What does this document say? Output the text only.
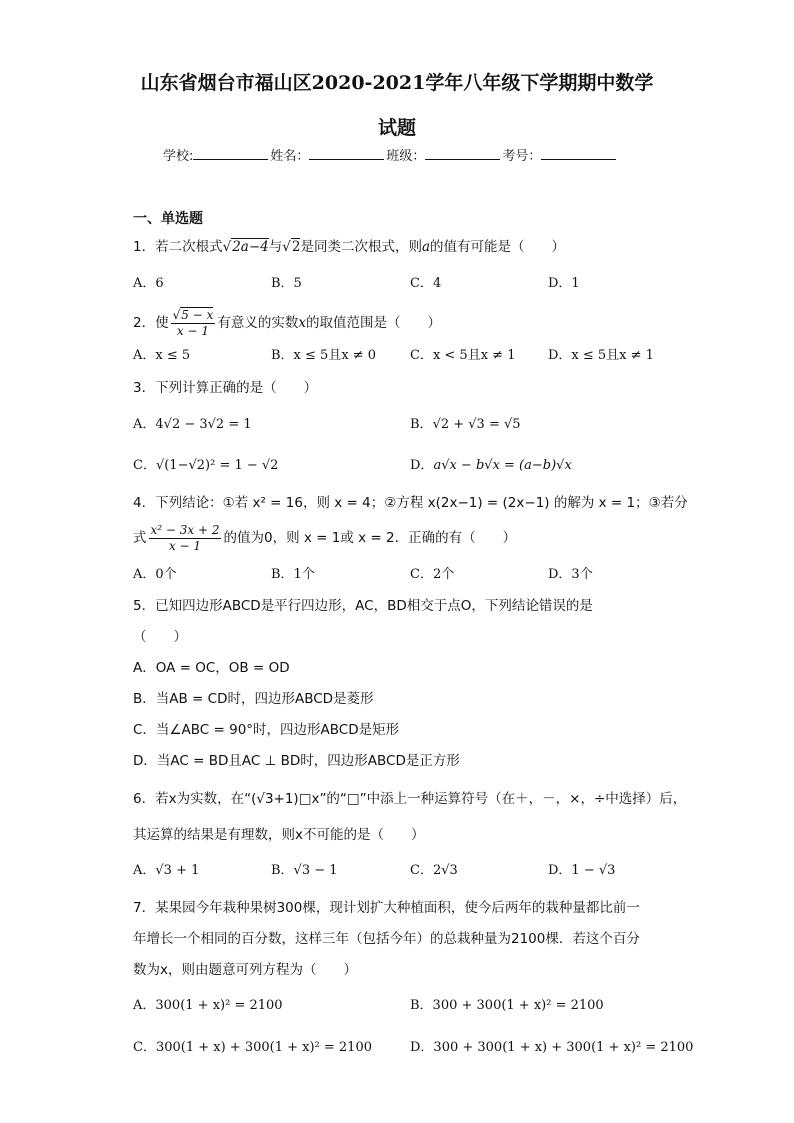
山东省烟台市福山区2020-2021学年八年级下学期期中数学
试题
学校:	姓名：	班级：	考号：
一、单选题
1．若二次根式√2a−4与√2是同类二次根式，则a的值有可能是（　　）
A．6	B．5	C．4	D．1
2．使 $\frac{√5 - x}{x - 1}$ 有意义的实数x的取值范围是（　　）
A．x ≤ 5	B．x ≤ 5且x ≠ 0	C．x < 5且x ≠ 1	D．x ≤ 5且x ≠ 1
3．下列计算正确的是（　　）
A．4√2 − 3√2 = 1	B．√2 + √3 = √5
C．√(1−√2)² = 1 − √2	D．a√x − b√x = (a−b)√x
4．下列结论：①若 x² = 16，则 x = 4；②方程 x(2x−1) = (2x−1) 的解为 x = 1；③若分
式 $\frac{\text{x² − 3x + 2}}{x - 1}$ 的值为0，则 x = 1或 x = 2．正确的有（　　）
A．0个	B．1个	C．2个	D．3个
5．已知四边形ABCD是平行四边形，AC，BD相交于点O，下列结论错误的是
（　　）
A．OA = OC，OB = OD
B．当AB = CD时，四边形ABCD是菱形
C．当∠ABC = 90°时，四边形ABCD是矩形
D．当AC = BD且AC ⊥ BD时，四边形ABCD是正方形
6．若x为实数，在“(√3+1)□x”的“□”中添上一种运算符号（在＋，－，×，÷中选择）后，
其运算的结果是有理数，则x不可能的是（　　）
A．√3 + 1	B．√3 − 1	C．2√3	D．1 − √3
7．某果园今年栽种果树300棵，现计划扩大种植面积，使今后两年的栽种量都比前一
年增长一个相同的百分数，这样三年（包括今年）的总栽种量为2100棵．若这个百分
数为x，则由题意可列方程为（　　）
A．300(1 + x)² = 2100	B．300 + 300(1 + x)² = 2100
C．300(1 + x) + 300(1 + x)² = 2100	D．300 + 300(1 + x) + 300(1 + x)² = 2100
